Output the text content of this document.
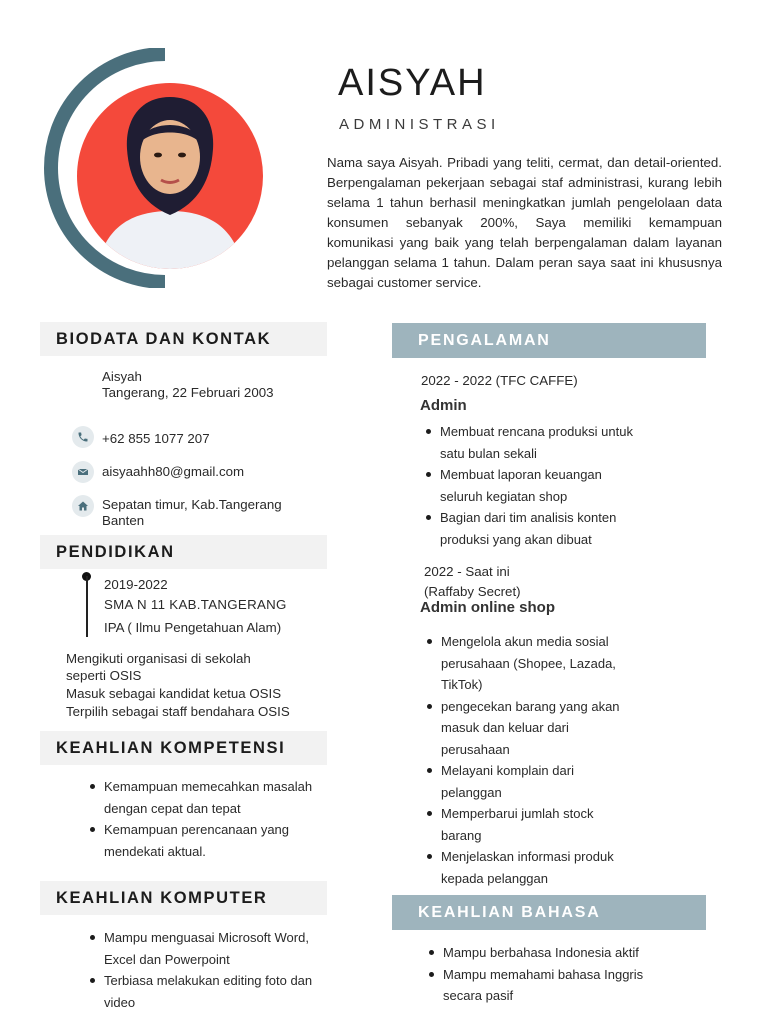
AISYAH
ADMINISTRASI

Nama saya Aisyah. Pribadi yang teliti, cermat, dan detail-oriented. Berpengalaman pekerjaan sebagai staf administrasi, kurang lebih selama 1 tahun berhasil meningkatkan jumlah pengelolaan data konsumen sebanyak 200%, Saya memiliki kemampuan komunikasi yang baik yang telah berpengalaman dalam layanan pelanggan selama 1 tahun. Dalam peran saya saat ini khususnya sebagai customer service.

BIODATA DAN KONTAK
Aisyah
Tangerang, 22 Februari 2003
+62 855 1077 207
aisyaahh80@gmail.com
Sepatan timur, Kab.Tangerang
Banten
PENDIDIKAN
2019-2022
SMA N 11 KAB.TANGERANG
IPA ( Ilmu Pengetahuan Alam)
Mengikuti organisasi di sekolah
seperti OSIS
Masuk sebagai kandidat ketua OSIS
Terpilih sebagai staff bendahara OSIS
KEAHLIAN KOMPETENSI
Kemampuan memecahkan masalah dengan cepat dan tepat
Kemampuan perencanaan yang mendekati aktual.
KEAHLIAN KOMPUTER
Mampu menguasai Microsoft Word, Excel dan Powerpoint
Terbiasa melakukan editing foto dan video
PENGALAMAN
2022 - 2022 (TFC CAFFE)
Admin
Membuat rencana produksi untuk satu bulan sekali
Membuat laporan keuangan seluruh kegiatan shop
Bagian dari tim analisis konten produksi yang akan dibuat
2022 - Saat ini
(Raffaby Secret)
Admin online shop
Mengelola akun media sosial perusahaan (Shopee, Lazada, TikTok)
pengecekan barang yang akan masuk dan keluar dari perusahaan
Melayani komplain dari pelanggan
Memperbarui jumlah stock barang
Menjelaskan informasi produk kepada pelanggan
KEAHLIAN BAHASA
Mampu berbahasa Indonesia aktif
Mampu memahami bahasa Inggris secara pasif
